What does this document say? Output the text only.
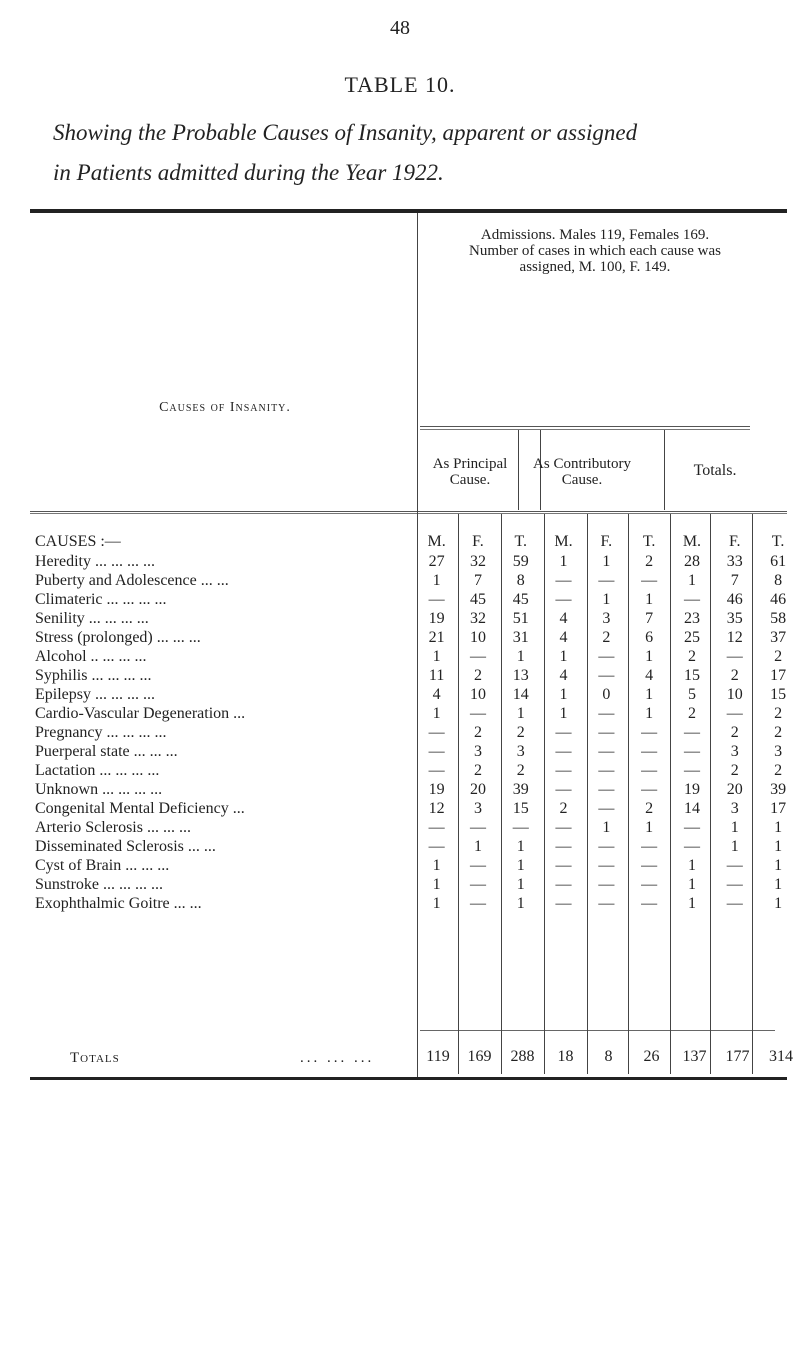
48
TABLE 10.
Showing the Probable Causes of Insanity, apparent or assigned
in Patients admitted during the Year 1922.
Causes of Insanity.
Admissions. Males 119, Females 169.
Number of cases in which each cause was
assigned, M. 100, F. 149.
As Principal
Cause.
As Contributory
Cause.
Totals.
CAUSES :—	M.	F.	T.	M.	F.	T.	M.	F.	T.
Heredity ... ... ... ...	27	32	59	1	1	2	28	33	61
Puberty and Adolescence ... ...	1	7	8	—	—	—	1	7	8
Climateric ... ... ... ...	—	45	45	—	1	1	—	46	46
Senility ... ... ... ...	19	32	51	4	3	7	23	35	58
Stress (prolonged) ... ... ...	21	10	31	4	2	6	25	12	37
Alcohol .. ... ... ...	1	—	1	1	—	1	2	—	2
Syphilis ... ... ... ...	11	2	13	4	—	4	15	2	17
Epilepsy ... ... ... ...	4	10	14	1	0	1	5	10	15
Cardio-Vascular Degeneration ...	1	—	1	1	—	1	2	—	2
Pregnancy ... ... ... ...	—	2	2	—	—	—	—	2	2
Puerperal state ... ... ...	—	3	3	—	—	—	—	3	3
Lactation ... ... ... ...	—	2	2	—	—	—	—	2	2
Unknown ... ... ... ...	19	20	39	—	—	—	19	20	39
Congenital Mental Deficiency ...	12	3	15	2	—	2	14	3	17
Arterio Sclerosis ... ... ...	—	—	—	—	1	1	—	1	1
Disseminated Sclerosis ... ...	—	1	1	—	—	—	—	1	1
Cyst of Brain ... ... ...	1	—	1	—	—	—	1	—	1
Sunstroke ... ... ... ...	1	—	1	—	—	—	1	—	1
Exophthalmic Goitre ... ...	1	—	1	—	—	—	1	—	1
Totals	... ... ...	119	169	288	18	8	26	137	177	314
